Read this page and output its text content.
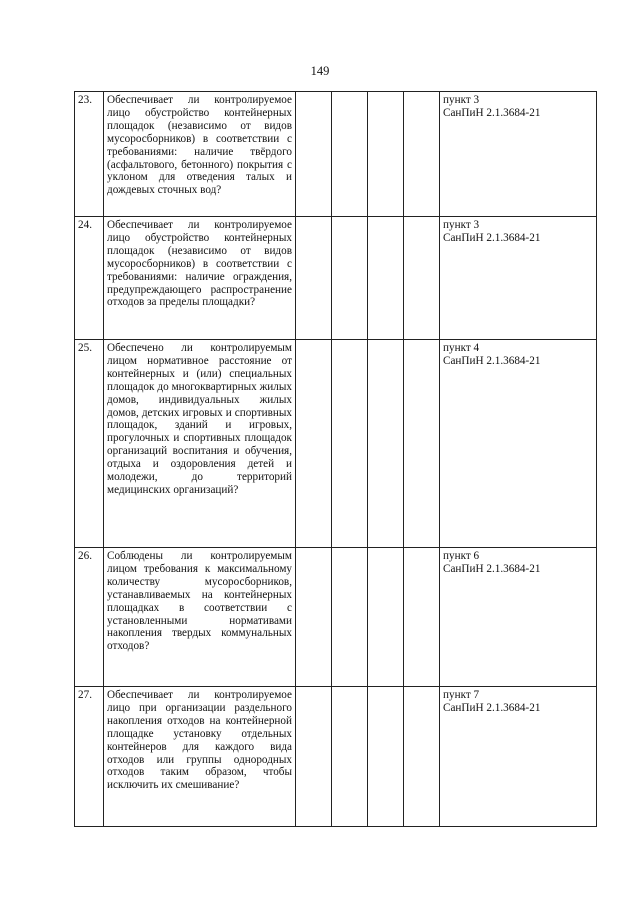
149
23.	Обеспечивает ли контролируемое лицо обустройство контейнерных площадок (независимо от видов мусоросборников) в соответствии с требованиями: наличие твёрдого (асфальтового, бетонного) покрытия с уклоном для отведения талых и дождевых сточных вод?					пункт 3
СанПиН 2.1.3684-21

24.	Обеспечивает ли контролируемое лицо обустройство контейнерных площадок (независимо от видов мусоросборников) в соответствии с требованиями: наличие ограждения, предупреждающего распространение отходов за пределы площадки?					пункт 3
СанПиН 2.1.3684-21

25.	Обеспечено ли контролируемым лицом нормативное расстояние от контейнерных и (или) специальных площадок до многоквартирных жилых домов, индивидуальных жилых домов, детских игровых и спортивных площадок, зданий и игровых, прогулочных и спортивных площадок организаций воспитания и обучения, отдыха и оздоровления детей и молодежи, до территорий медицинских организаций?					пункт 4
СанПиН 2.1.3684-21

26.	Соблюдены ли контролируемым лицом требования к максимальному количеству мусоросборников, устанавливаемых на контейнерных площадках в соответствии с установленными нормативами накопления твердых коммунальных отходов?					пункт 6
СанПиН 2.1.3684-21

27.	Обеспечивает ли контролируемое лицо при организации раздельного накопления отходов на контейнерной площадке установку отдельных контейнеров для каждого вида отходов или группы однородных отходов таким образом, чтобы исключить их смешивание?					пункт 7
СанПиН 2.1.3684-21
